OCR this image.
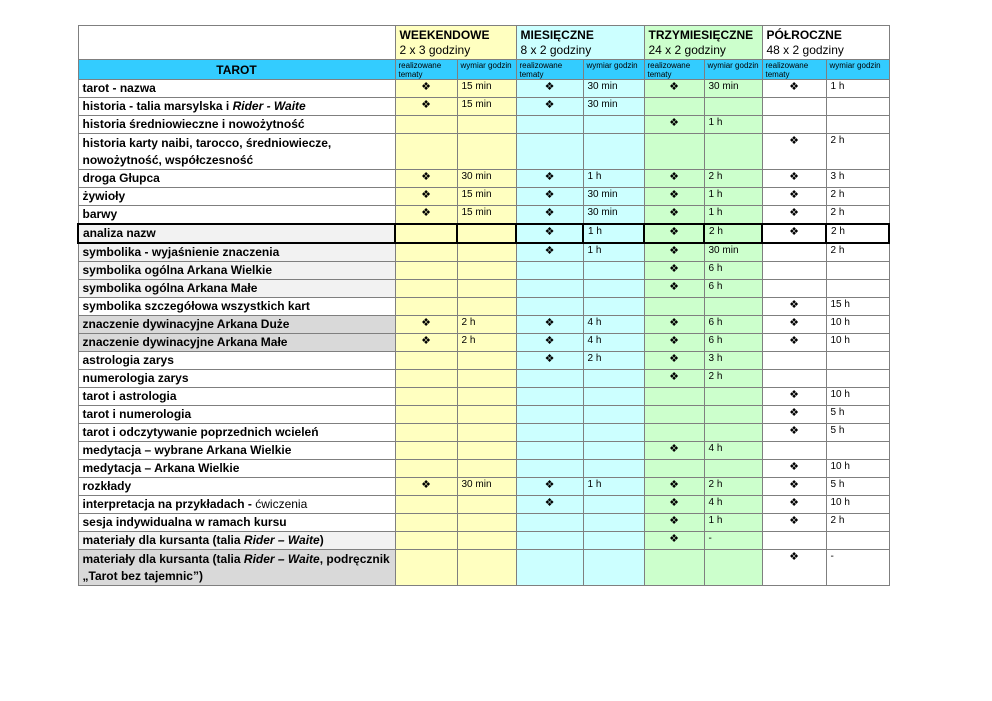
	WEEKENDOWE
2 x 3 godziny		MIESIĘCZNE
8 x 2 godziny		TRZYMIESIĘCZNE
24 x 2 godziny		PÓŁROCZNE
48 x 2 godziny	

TAROT	realizowane tematy	wymiar godzin	realizowane tematy	wymiar godzin	realizowane tematy	wymiar godzin	realizowane tematy	wymiar godzin
tarot - nazwa	❖	15 min	❖	30 min	❖	30 min	❖	1 h
historia - talia marsylska i Rider - Waite	❖	15 min	❖	30 min				
historia średniowieczne i nowożytność					❖	1 h		
historia karty naibi, tarocco, średniowiecze, nowożytność, współczesność							❖	2 h
droga Głupca	❖	30 min	❖	1 h	❖	2 h	❖	3 h
żywioły	❖	15 min	❖	30 min	❖	1 h	❖	2 h
barwy	❖	15 min	❖	30 min	❖	1 h	❖	2 h
analiza nazw			❖	1 h	❖	2 h	❖	2 h
symbolika - wyjaśnienie znaczenia			❖	1 h	❖	30 min		2 h
symbolika ogólna Arkana Wielkie					❖	6 h		
symbolika ogólna Arkana Małe					❖	6 h		
symbolika szczegółowa wszystkich kart							❖	15 h
znaczenie dywinacyjne Arkana Duże	❖	2 h	❖	4 h	❖	6 h	❖	10 h
znaczenie dywinacyjne Arkana Małe	❖	2 h	❖	4 h	❖	6 h	❖	10 h
astrologia zarys			❖	2 h	❖	3 h		
numerologia zarys					❖	2 h		
tarot i astrologia							❖	10 h
tarot i numerologia							❖	5 h
tarot i odczytywanie poprzednich wcieleń							❖	5 h
medytacja – wybrane Arkana Wielkie					❖	4 h		
medytacja – Arkana Wielkie							❖	10 h
rozkłady	❖	30 min	❖	1 h	❖	2 h	❖	5 h
interpretacja na przykładach - ćwiczenia			❖		❖	4 h	❖	10 h
sesja indywidualna w ramach kursu					❖	1 h	❖	2 h
materiały dla kursanta (talia Rider – Waite)					❖	-		
materiały dla kursanta (talia Rider – Waite, podręcznik „Tarot bez tajemnic”)							❖	-
